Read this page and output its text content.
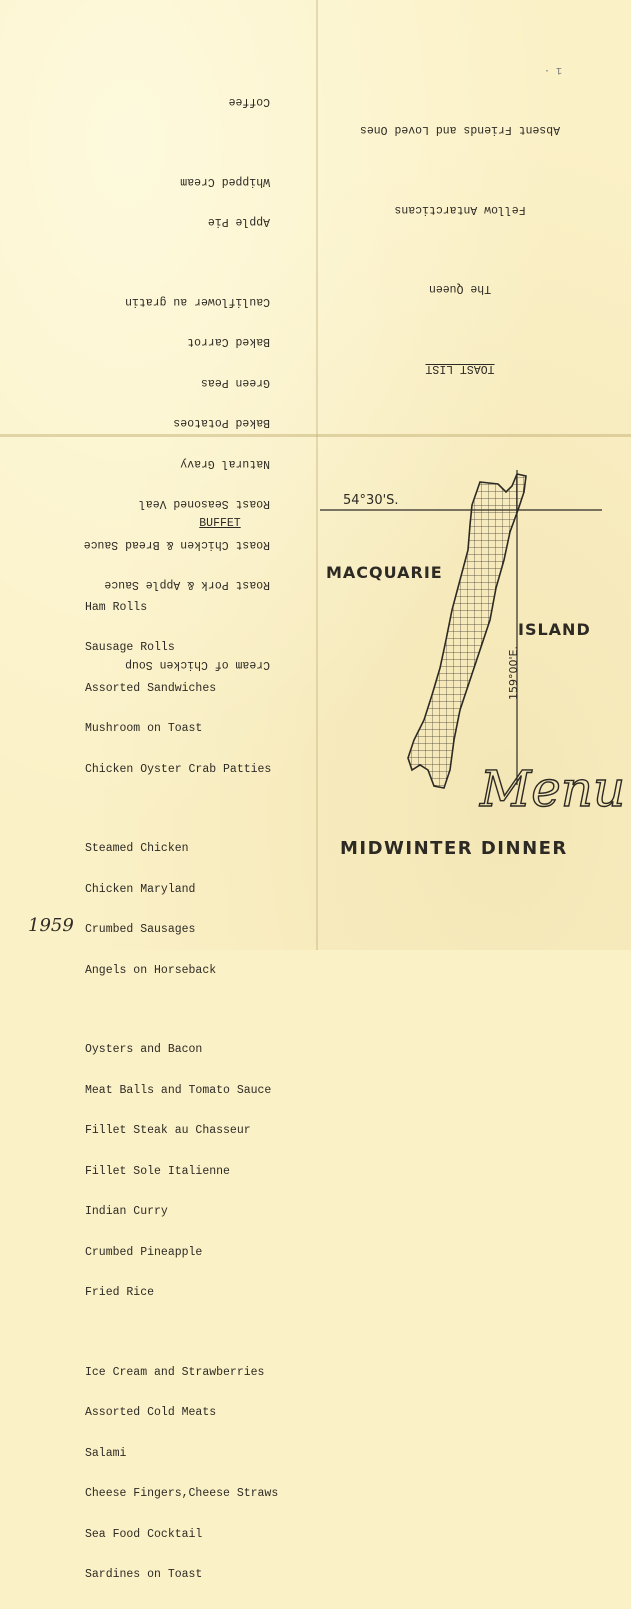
Cream of Chicken Soup

Roast Pork & Apple Sauce

Roast Chicken & Bread Sauce

Roast Seasoned Veal

Natural Gravy

Baked Potatoes

Green Peas

Baked Carrot

Cauliflower au gratin

Apple Pie

Whipped Cream

Coffee

TOAST LIST

The Queen

Fellow Antarcticans

Absent Friends and Loved Ones

1 ·

BUFFET

Ham Rolls

Sausage Rolls

Assorted Sandwiches

Mushroom on Toast

Chicken Oyster Crab Patties

Steamed Chicken

Chicken Maryland

Crumbed Sausages

Angels on Horseback

Oysters and Bacon

Meat Balls and Tomato Sauce

Fillet Steak au Chasseur

Fillet Sole Italienne

Indian Curry

Crumbed Pineapple

Fried Rice

Ice Cream and Strawberries

Assorted Cold Meats

Salami

Cheese Fingers,Cheese Straws

Sea Food Cocktail

Sardines on Toast

54°30'S.
159°00'E.
MACQUARIE
ISLAND
Menu
MIDWINTER DINNER
1959
